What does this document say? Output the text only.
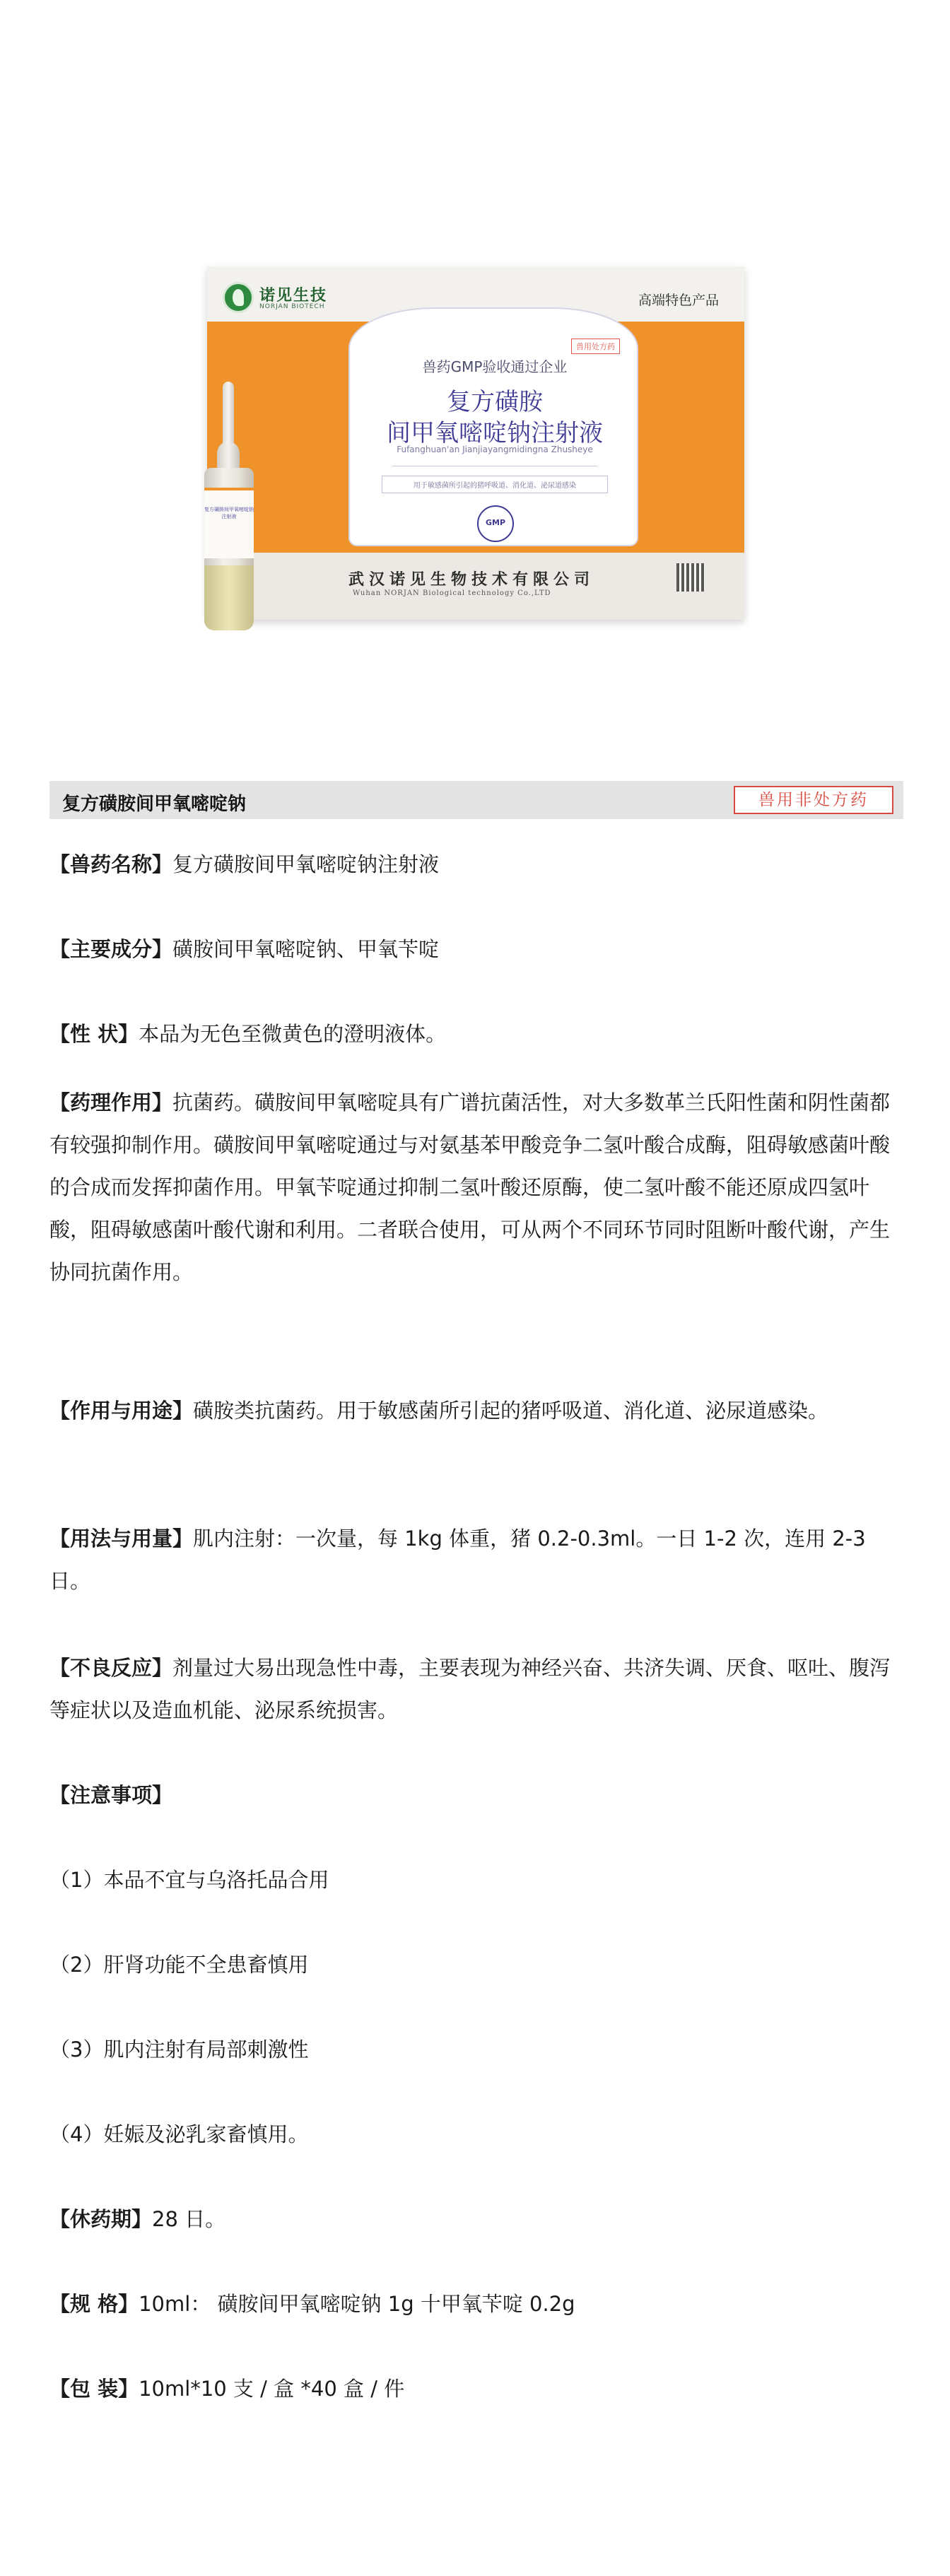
诺见生技
NORJAN BIOTECH	高端特色产品
兽用处方药
兽药GMP验收通过企业
复方磺胺
间甲氧嘧啶钠注射液
Fufanghuan'an Jianjiayangmidingna Zhusheye
用于敏感菌所引起的猪呼吸道、消化道、泌尿道感染
GMP
武汉诺见生物技术有限公司
Wuhan NORJAN Biological technology Co.,LTD
复方磺胺间甲氧嘧啶钠注射液
复方磺胺间甲氧嘧啶钠	兽用非处方药
【兽药名称】复方磺胺间甲氧嘧啶钠注射液
【主要成分】磺胺间甲氧嘧啶钠、甲氧苄啶
【性 状】本品为无色至微黄色的澄明液体。
【药理作用】抗菌药。磺胺间甲氧嘧啶具有广谱抗菌活性，对大多数革兰氏阳性菌和阴性菌都有较强抑制作用。磺胺间甲氧嘧啶通过与对氨基苯甲酸竞争二氢叶酸合成酶，阻碍敏感菌叶酸 的合成而发挥抑菌作用。甲氧苄啶通过抑制二氢叶酸还原酶，使二氢叶酸不能还原成四氢叶酸，阻碍敏感菌叶酸代谢和利用。二者联合使用，可从两个不同环节同时阻断叶酸代谢，产生协同抗菌作用。
【作用与用途】磺胺类抗菌药。用于敏感菌所引起的猪呼吸道、消化道、泌尿道感染。
【用法与用量】肌内注射：一次量，每 1kg 体重，猪 0.2-0.3ml。一日 1-2 次，连用 2-3 日。
【不良反应】剂量过大易出现急性中毒，主要表现为神经兴奋、共济失调、厌食、呕吐、腹泻等症状以及造血机能、泌尿系统损害。
【注意事项】
（1）本品不宜与乌洛托品合用
（2）肝肾功能不全患畜慎用
（3）肌内注射有局部刺激性
（4）妊娠及泌乳家畜慎用。
【休药期】28 日。
【规 格】10ml： 磺胺间甲氧嘧啶钠 1g 十甲氧苄啶 0.2g
【包 装】10ml*10 支 / 盒 *40 盒 / 件
